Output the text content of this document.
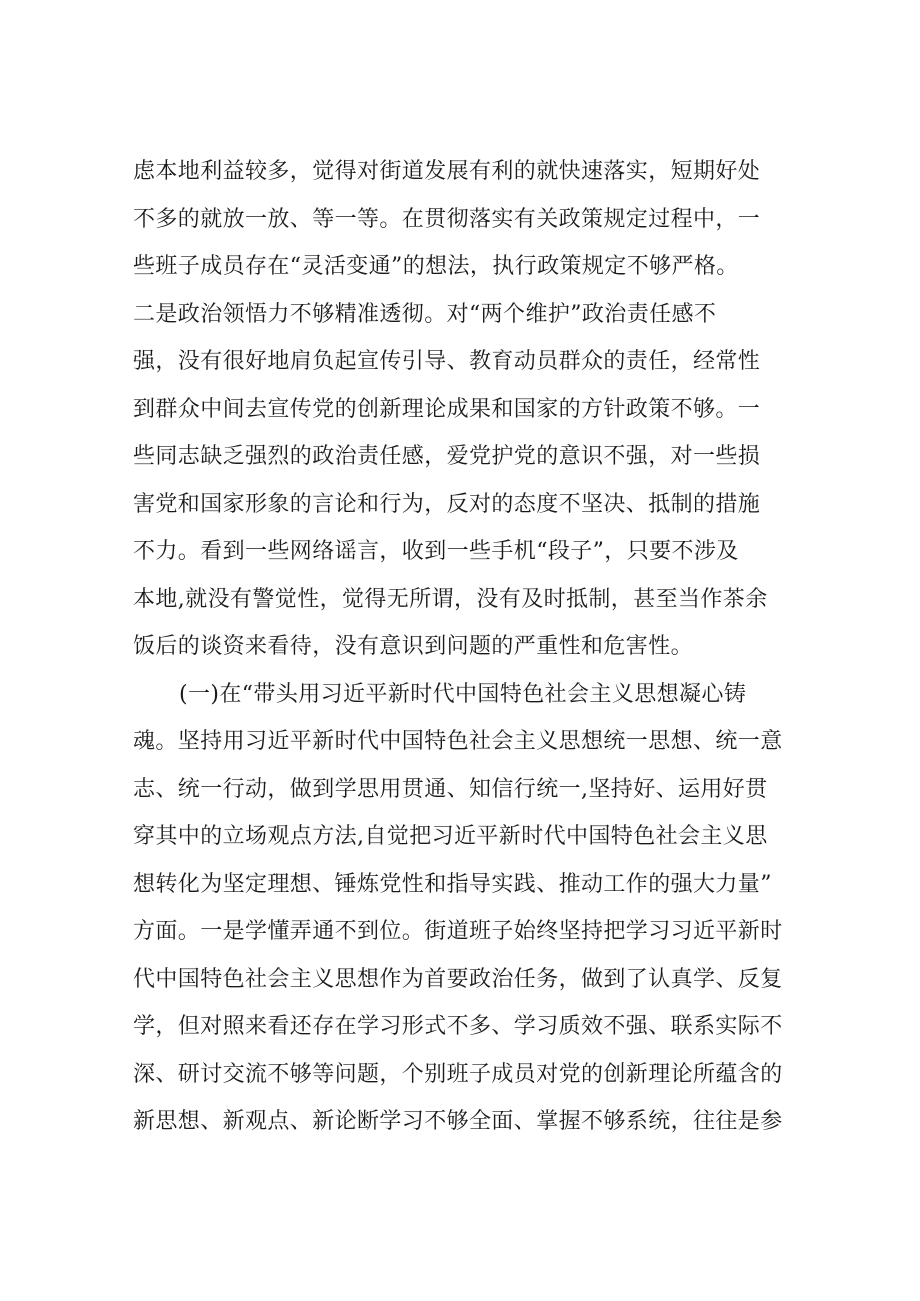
虑本地利益较多，觉得对街道发展有利的就快速落实，短期好处
不多的就放一放、等一等。在贯彻落实有关政策规定过程中，一
些班子成员存在“灵活变通”的想法，执行政策规定不够严格。
二是政治领悟力不够精准透彻。对“两个维护”政治责任感不
强，没有很好地肩负起宣传引导、教育动员群众的责任，经常性
到群众中间去宣传党的创新理论成果和国家的方针政策不够。一
些同志缺乏强烈的政治责任感，爱党护党的意识不强，对一些损
害党和国家形象的言论和行为，反对的态度不坚决、抵制的措施
不力。看到一些网络谣言，收到一些手机“段子”，只要不涉及
本地,就没有警觉性，觉得无所谓，没有及时抵制，甚至当作茶余
饭后的谈资来看待，没有意识到问题的严重性和危害性。
(一)在“带头用习近平新时代中国特色社会主义思想凝心铸
魂。坚持用习近平新时代中国特色社会主义思想统一思想、统一意
志、统一行动，做到学思用贯通、知信行统一,坚持好、运用好贯
穿其中的立场观点方法,自觉把习近平新时代中国特色社会主义思
想转化为坚定理想、锤炼党性和指导实践、推动工作的强大力量”
方面。一是学懂弄通不到位。街道班子始终坚持把学习习近平新时
代中国特色社会主义思想作为首要政治任务，做到了认真学、反复
学，但对照来看还存在学习形式不多、学习质效不强、联系实际不
深、研讨交流不够等问题，个别班子成员对党的创新理论所蕴含的
新思想、新观点、新论断学习不够全面、掌握不够系统，往往是参
